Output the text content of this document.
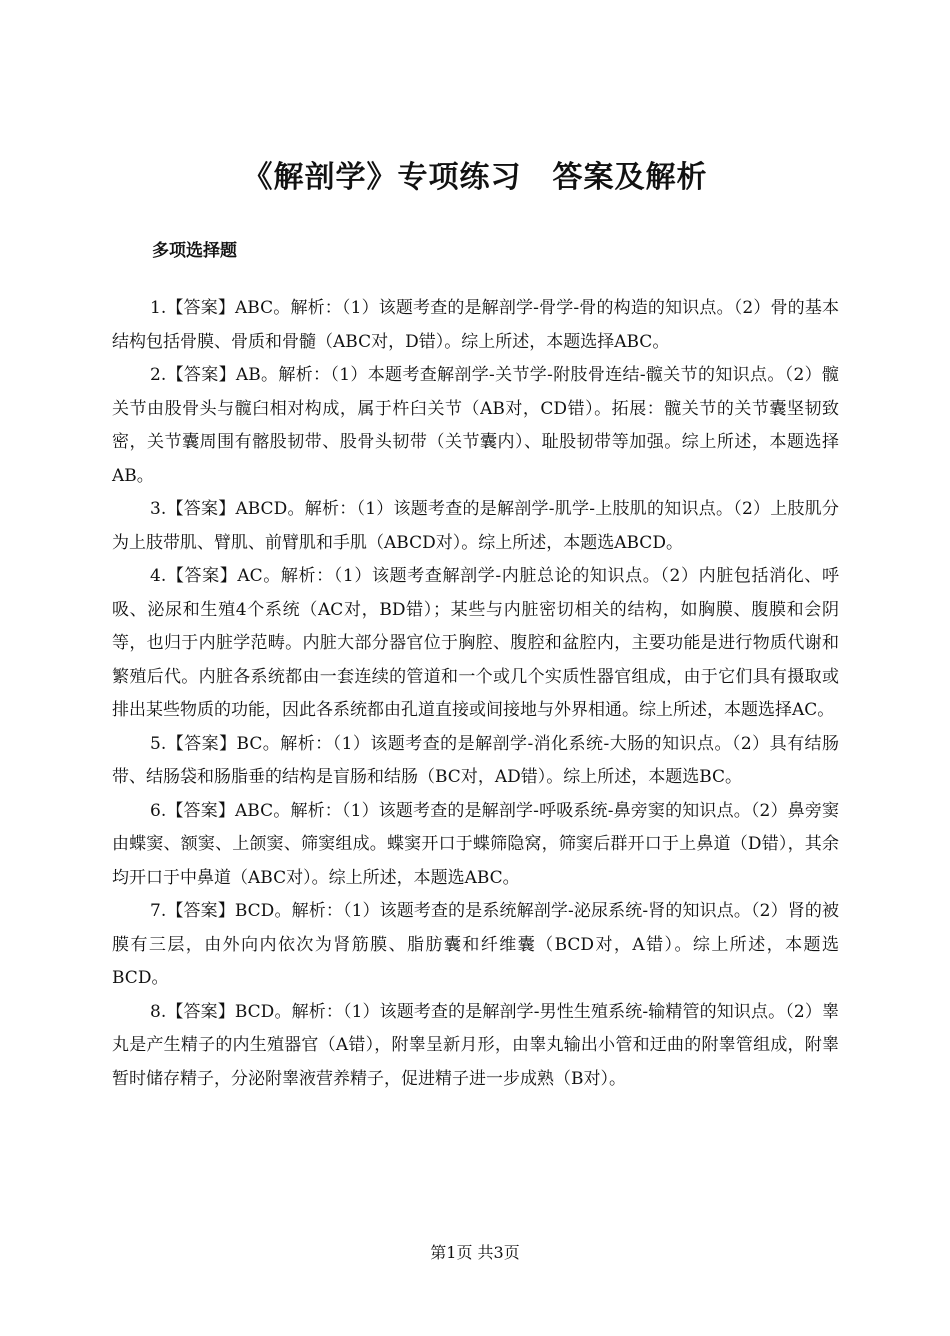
《解剖学》专项练习　答案及解析
多项选择题

1.【答案】ABC。解析：（1）该题考查的是解剖学-骨学-骨的构造的知识点。（2）骨的基本结构包括骨膜、骨质和骨髓（ABC对，D错）。综上所述，本题选择ABC。

2.【答案】AB。解析：（1）本题考查解剖学-关节学-附肢骨连结-髋关节的知识点。（2）髋关节由股骨头与髋臼相对构成，属于杵臼关节（AB对，CD错）。拓展：髋关节的关节囊坚韧致密，关节囊周围有髂股韧带、股骨头韧带（关节囊内）、耻股韧带等加强。综上所述，本题选择AB。

3.【答案】ABCD。解析：（1）该题考查的是解剖学-肌学-上肢肌的知识点。（2）上肢肌分为上肢带肌、臂肌、前臂肌和手肌（ABCD对）。综上所述，本题选ABCD。

4.【答案】AC。解析：（1）该题考查解剖学-内脏总论的知识点。（2）内脏包括消化、呼吸、泌尿和生殖4个系统（AC对，BD错）；某些与内脏密切相关的结构，如胸膜、腹膜和会阴等，也归于内脏学范畴。内脏大部分器官位于胸腔、腹腔和盆腔内，主要功能是进行物质代谢和繁殖后代。内脏各系统都由一套连续的管道和一个或几个实质性器官组成，由于它们具有摄取或排出某些物质的功能，因此各系统都由孔道直接或间接地与外界相通。综上所述，本题选择AC。

5.【答案】BC。解析：（1）该题考查的是解剖学-消化系统-大肠的知识点。（2）具有结肠带、结肠袋和肠脂垂的结构是盲肠和结肠（BC对，AD错）。综上所述，本题选BC。

6.【答案】ABC。解析：（1）该题考查的是解剖学-呼吸系统-鼻旁窦的知识点。（2）鼻旁窦由蝶窦、额窦、上颌窦、筛窦组成。蝶窦开口于蝶筛隐窝，筛窦后群开口于上鼻道（D错），其余均开口于中鼻道（ABC对）。综上所述，本题选ABC。

7.【答案】BCD。解析：（1）该题考查的是系统解剖学-泌尿系统-肾的知识点。（2）肾的被膜有三层，由外向内依次为肾筋膜、脂肪囊和纤维囊（BCD对，A错）。综上所述，本题选BCD。

8.【答案】BCD。解析：（1）该题考查的是解剖学-男性生殖系统-输精管的知识点。（2）睾丸是产生精子的内生殖器官（A错），附睾呈新月形，由睾丸输出小管和迂曲的附睾管组成，附睾暂时储存精子，分泌附睾液营养精子，促进精子进一步成熟（B对）。

第1页 共3页
